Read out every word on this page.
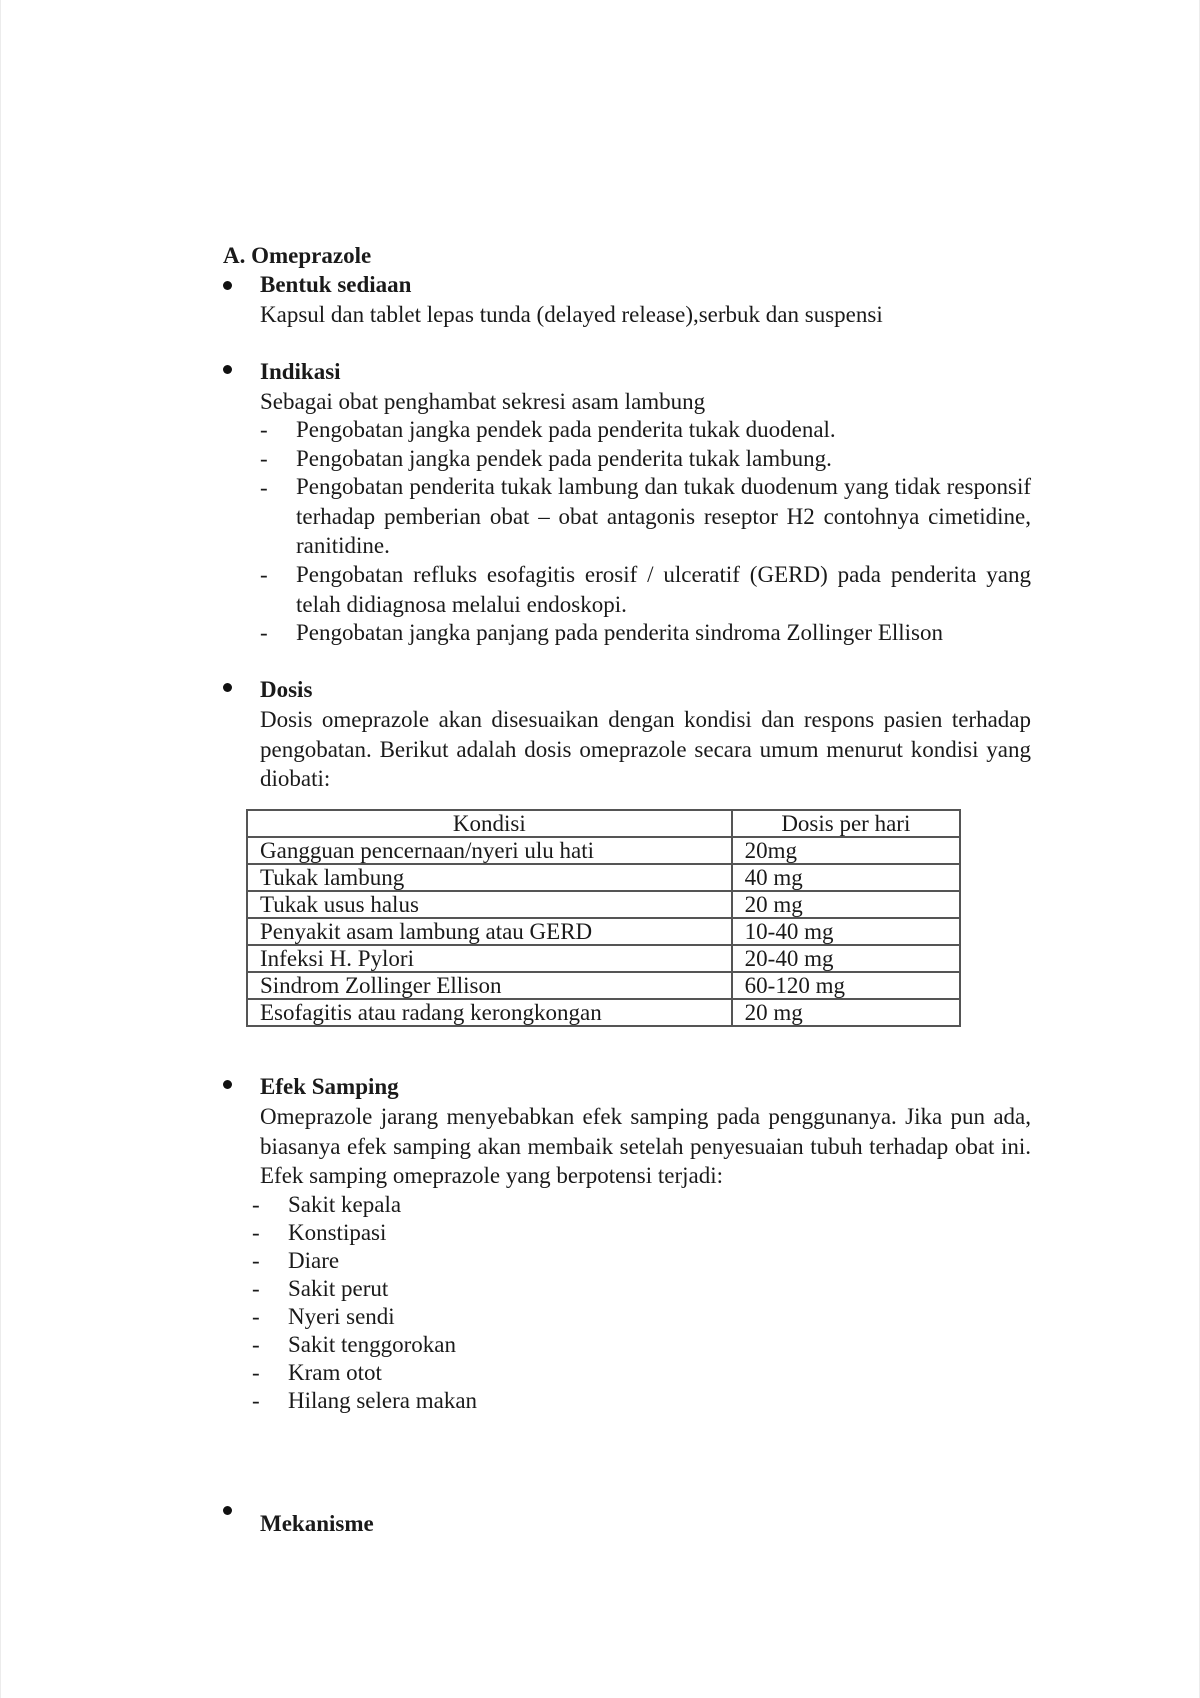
A. Omeprazole
Bentuk sediaan
Kapsul dan tablet lepas tunda (delayed release),serbuk dan suspensi
Indikasi
Sebagai obat penghambat sekresi asam lambung
- Pengobatan jangka pendek pada penderita tukak duodenal.
- Pengobatan jangka pendek pada penderita tukak lambung.
- Pengobatan penderita tukak lambung dan tukak duodenum yang tidak responsif terhadap pemberian obat – obat antagonis reseptor H2 contohnya cimetidine, ranitidine.
- Pengobatan refluks esofagitis erosif / ulceratif (GERD) pada penderita yang telah didiagnosa melalui endoskopi.
- Pengobatan jangka panjang pada penderita sindroma Zollinger Ellison
Dosis
Dosis omeprazole akan disesuaikan dengan kondisi dan respons pasien terhadap pengobatan. Berikut adalah dosis omeprazole secara umum menurut kondisi yang diobati:
Kondisi	Dosis per hari
Gangguan pencernaan/nyeri ulu hati	20mg
Tukak lambung	40 mg
Tukak usus halus	20 mg
Penyakit asam lambung atau GERD	10-40 mg
Infeksi H. Pylori	20-40 mg
Sindrom Zollinger Ellison	60-120 mg
Esofagitis atau radang kerongkongan	20 mg
Efek Samping
Omeprazole jarang menyebabkan efek samping pada penggunanya. Jika pun ada, biasanya efek samping akan membaik setelah penyesuaian tubuh terhadap obat ini. Efek samping omeprazole yang berpotensi terjadi:
- Sakit kepala
- Konstipasi
- Diare
- Sakit perut
- Nyeri sendi
- Sakit tenggorokan
- Kram otot
- Hilang selera makan
Mekanisme
